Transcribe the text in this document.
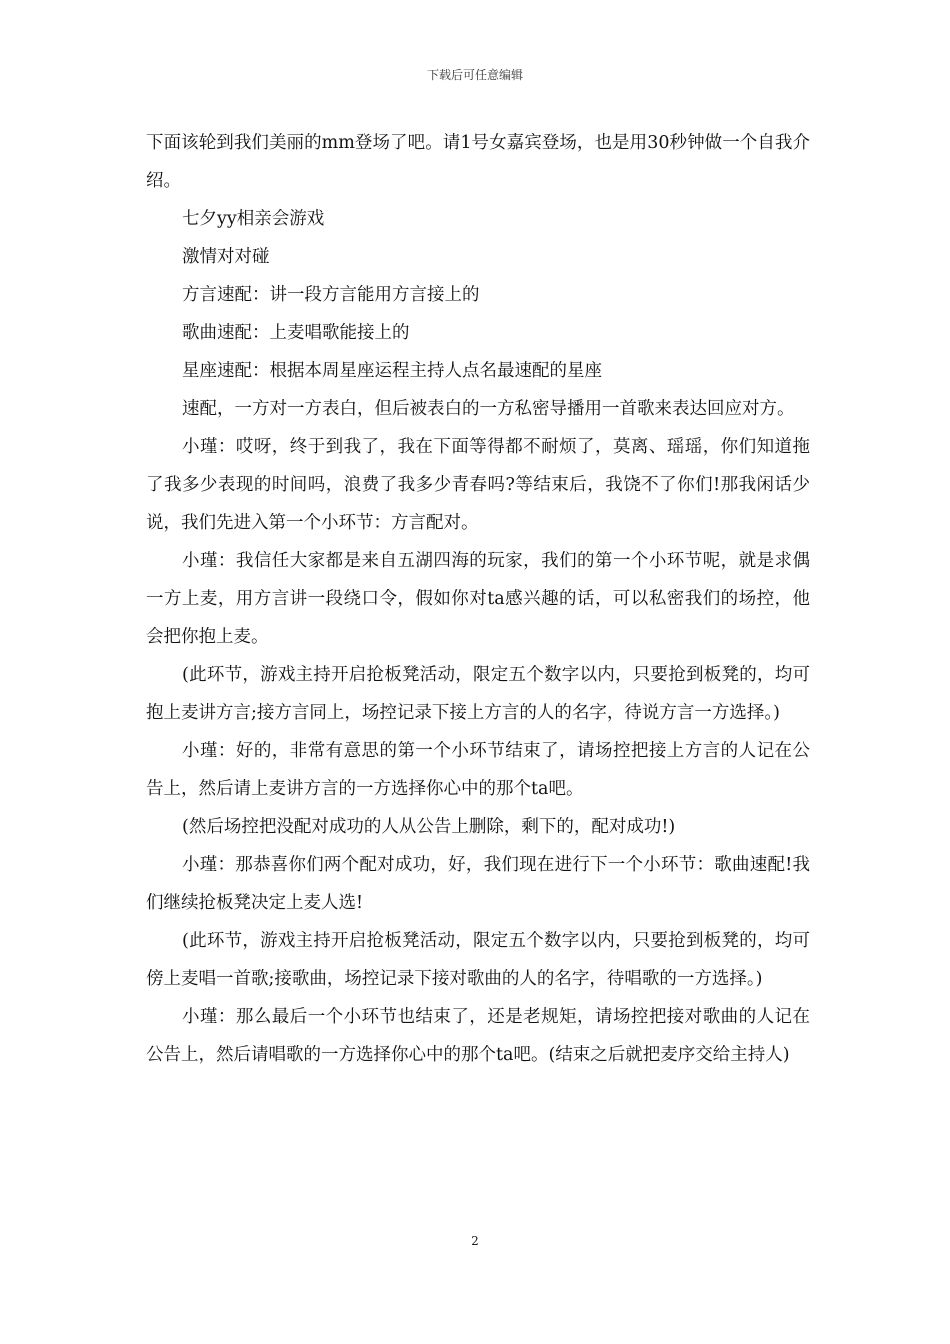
下载后可任意编辑

下面该轮到我们美丽的mm登场了吧。请1号女嘉宾登场，也是用30秒钟做一个自我介绍。

七夕yy相亲会游戏

激情对对碰

方言速配：讲一段方言能用方言接上的

歌曲速配：上麦唱歌能接上的

星座速配：根据本周星座运程主持人点名最速配的星座

速配，一方对一方表白，但后被表白的一方私密导播用一首歌来表达回应对方。

小瑾：哎呀，终于到我了，我在下面等得都不耐烦了，莫离、瑶瑶，你们知道拖了我多少表现的时间吗，浪费了我多少青春吗?等结束后，我饶不了你们!那我闲话少说，我们先进入第一个小环节：方言配对。

小瑾：我信任大家都是来自五湖四海的玩家，我们的第一个小环节呢，就是求偶一方上麦，用方言讲一段绕口令，假如你对ta感兴趣的话，可以私密我们的场控，他会把你抱上麦。

(此环节，游戏主持开启抢板凳活动，限定五个数字以内，只要抢到板凳的，均可抱上麦讲方言;接方言同上，场控记录下接上方言的人的名字，待说方言一方选择。)

小瑾：好的，非常有意思的第一个小环节结束了，请场控把接上方言的人记在公告上，然后请上麦讲方言的一方选择你心中的那个ta吧。

(然后场控把没配对成功的人从公告上删除，剩下的，配对成功!)

小瑾：那恭喜你们两个配对成功，好，我们现在进行下一个小环节：歌曲速配!我们继续抢板凳决定上麦人选!

(此环节，游戏主持开启抢板凳活动，限定五个数字以内，只要抢到板凳的，均可傍上麦唱一首歌;接歌曲，场控记录下接对歌曲的人的名字，待唱歌的一方选择。)

小瑾：那么最后一个小环节也结束了，还是老规矩，请场控把接对歌曲的人记在公告上，然后请唱歌的一方选择你心中的那个ta吧。(结束之后就把麦序交给主持人)

2
